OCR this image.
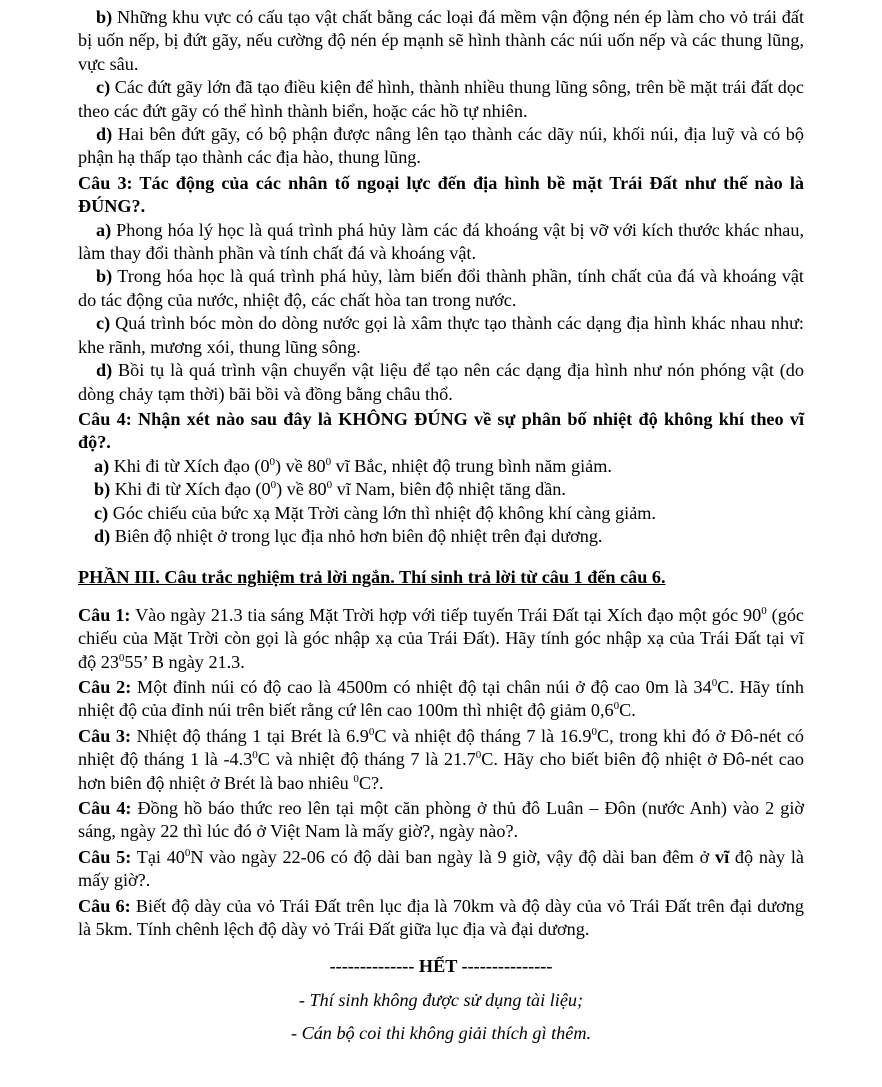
b) Những khu vực có cấu tạo vật chất bằng các loại đá mềm vận động nén ép làm cho vỏ trái đất bị uốn nếp, bị đứt gãy, nếu cường độ nén ép mạnh sẽ hình thành các núi uốn nếp và các thung lũng, vực sâu.

c) Các đứt gãy lớn đã tạo điều kiện để hình, thành nhiều thung lũng sông, trên bề mặt trái đất dọc theo các đứt gãy có thể hình thành biển, hoặc các hồ tự nhiên.

d) Hai bên đứt gãy, có bộ phận được nâng lên tạo thành các dãy núi, khối núi, địa luỹ và có bộ phận hạ thấp tạo thành các địa hào, thung lũng.

Câu 3: Tác động của các nhân tố ngoại lực đến địa hình bề mặt Trái Đất như thế nào là ĐÚNG?.

a) Phong hóa lý học là quá trình phá hủy làm các đá khoáng vật bị vỡ với kích thước khác nhau, làm thay đổi thành phần và tính chất đá và khoáng vật.

b) Trong hóa học là quá trình phá hủy, làm biến đổi thành phần, tính chất của đá và khoáng vật do tác động của nước, nhiệt độ, các chất hòa tan trong nước.

c) Quá trình bóc mòn do dòng nước gọi là xâm thực tạo thành các dạng địa hình khác nhau như: khe rãnh, mương xói, thung lũng sông.

d) Bồi tụ là quá trình vận chuyển vật liệu để tạo nên các dạng địa hình như nón phóng vật (do dòng chảy tạm thời) bãi bồi và đồng bằng châu thổ.

Câu 4: Nhận xét nào sau đây là KHÔNG ĐÚNG về sự phân bố nhiệt độ không khí theo vĩ độ?.

a) Khi đi từ Xích đạo $(0^0)$ về $80^0$ vĩ Bắc, nhiệt độ trung bình năm giảm.

b) Khi đi từ Xích đạo $(0^0)$ về $80^0$ vĩ Nam, biên độ nhiệt tăng dần.

c) Góc chiếu của bức xạ Mặt Trời càng lớn thì nhiệt độ không khí càng giảm.

d) Biên độ nhiệt ở trong lục địa nhỏ hơn biên độ nhiệt trên đại dương.

PHẦN III. Câu trắc nghiệm trả lời ngắn. Thí sinh trả lời từ câu 1 đến câu 6.

Câu 1: Vào ngày 21.3 tia sáng Mặt Trời hợp với tiếp tuyến Trái Đất tại Xích đạo một góc $90^0$ (góc chiếu của Mặt Trời còn gọi là góc nhập xạ của Trái Đất). Hãy tính góc nhập xạ của Trái Đất tại vĩ độ $23^055$’ B ngày 21.3.

Câu 2: Một đỉnh núi có độ cao là 4500m có nhiệt độ tại chân núi ở độ cao 0m là $34^0C$. Hãy tính nhiệt độ của đỉnh núi trên biết rằng cứ lên cao 100m thì nhiệt độ giảm $0,6^0C$.

Câu 3: Nhiệt độ tháng 1 tại Brét là $6.9^0C$ và nhiệt độ tháng 7 là 16.9$^0$C, trong khi đó ở Đô-nét có nhiệt độ tháng 1 là $-4.3^0C$ và nhiệt độ tháng 7 là 21.7$^0$C. Hãy cho biết biên độ nhiệt ở Đô-nét cao hơn biên độ nhiệt ở Brét là bao nhiêu $^0$C?.

Câu 4: Đồng hồ báo thức reo lên tại một căn phòng ở thủ đô Luân – Đôn (nước Anh) vào 2 giờ sáng, ngày 22 thì lúc đó ở Việt Nam là mấy giờ?, ngày nào?.

Câu 5: Tại $40^0N$ vào ngày 22-06 có độ dài ban ngày là 9 giờ, vậy độ dài ban đêm ở vĩ độ này là mấy giờ?.

Câu 6: Biết độ dày của vỏ Trái Đất trên lục địa là 70km và độ dày của vỏ Trái Đất trên đại dương là 5km. Tính chênh lệch độ dày vỏ Trái Đất giữa lục địa và đại dương.

-------------- HẾT ---------------

- Thí sinh không được sử dụng tài liệu;

- Cán bộ coi thi không giải thích gì thêm.
